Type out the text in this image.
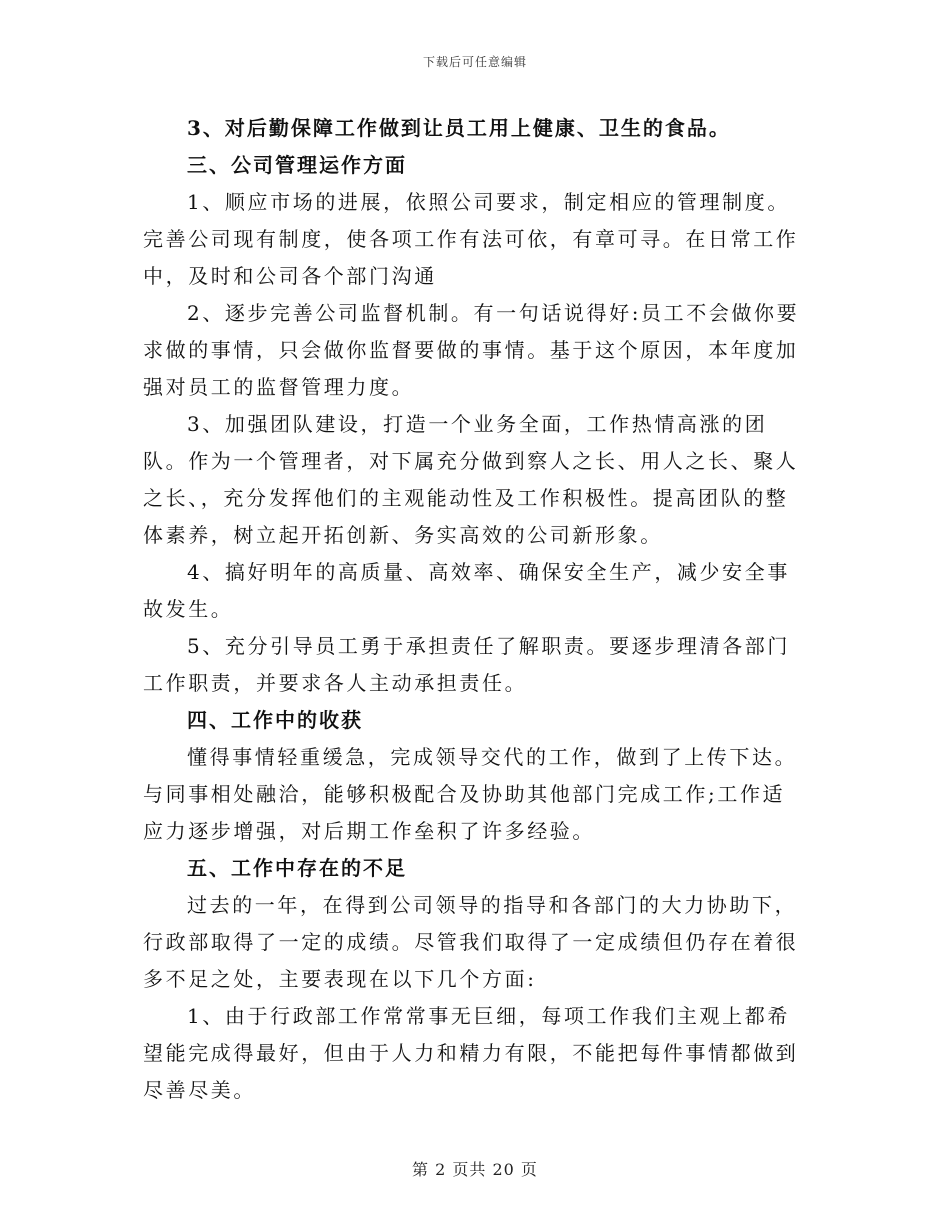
下载后可任意编辑

3、对后勤保障工作做到让员工用上健康、卫生的食品。

三、公司管理运作方面

1、顺应市场的进展，依照公司要求，制定相应的管理制度。完善公司现有制度，使各项工作有法可依，有章可寻。在日常工作中，及时和公司各个部门沟通

2、逐步完善公司监督机制。有一句话说得好:员工不会做你要求做的事情，只会做你监督要做的事情。基于这个原因，本年度加强对员工的监督管理力度。

3、加强团队建设，打造一个业务全面，工作热情高涨的团队。作为一个管理者，对下属充分做到察人之长、用人之长、聚人之长、，充分发挥他们的主观能动性及工作积极性。提高团队的整体素养，树立起开拓创新、务实高效的公司新形象。

4、搞好明年的高质量、高效率、确保安全生产，减少安全事故发生。

5、充分引导员工勇于承担责任了解职责。要逐步理清各部门工作职责，并要求各人主动承担责任。

四、工作中的收获

懂得事情轻重缓急，完成领导交代的工作，做到了上传下达。与同事相处融洽，能够积极配合及协助其他部门完成工作;工作适应力逐步增强，对后期工作垒积了许多经验。

五、工作中存在的不足

过去的一年，在得到公司领导的指导和各部门的大力协助下，行政部取得了一定的成绩。尽管我们取得了一定成绩但仍存在着很多不足之处，主要表现在以下几个方面:

1、由于行政部工作常常事无巨细，每项工作我们主观上都希望能完成得最好，但由于人力和精力有限，不能把每件事情都做到尽善尽美。

第 2 页共 20 页
